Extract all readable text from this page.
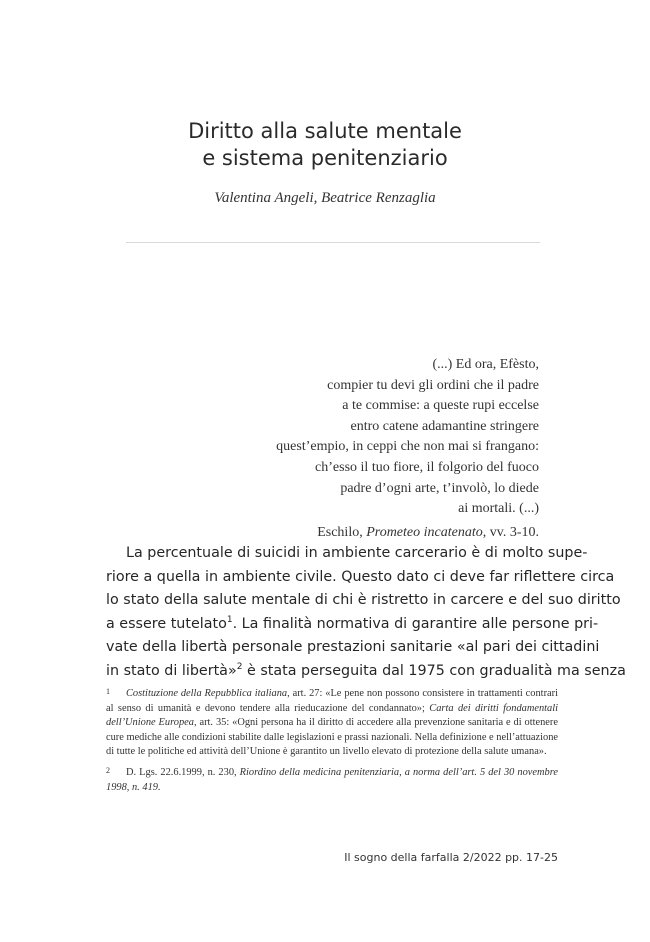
Diritto alla salute mentale
e sistema penitenziario
Valentina Angeli, Beatrice Renzaglia
(...) Ed ora, Efèsto,
compier tu devi gli ordini che il padre
a te commise: a queste rupi eccelse
entro catene adamantine stringere
quest’empio, in ceppi che non mai si frangano:
ch’esso il tuo fiore, il folgorio del fuoco
padre d’ogni arte, t’involò, lo diede
ai mortali. (...)
Eschilo, Prometeo incatenato, vv. 3-10.
La percentuale di suicidi in ambiente carcerario è di molto supe-
riore a quella in ambiente civile. Questo dato ci deve far riflettere circa
lo stato della salute mentale di chi è ristretto in carcere e del suo diritto
a essere tutelato$^1$. La finalità normativa di garantire alle persone pri-
vate della libertà personale prestazioni sanitarie «al pari dei cittadini
in stato di libertà»$^2$ è stata perseguita dal 1975 con gradualità ma senza
1 Costituzione della Repubblica italiana, art. 27: «Le pene non possono consistere in trattamenti contrari al senso di umanità e devono tendere alla rieducazione del condannato»; Carta dei diritti fondamentali dell’Unione Europea, art. 35: «Ogni persona ha il diritto di accedere alla prevenzione sanitaria e di ottenere cure mediche alle condizioni stabilite dalle legislazioni e prassi nazionali. Nella definizione e nell’attuazione di tutte le politiche ed attività dell’Unione è garantito un livello elevato di protezione della salute umana».
2 D. Lgs. 22.6.1999, n. 230, Riordino della medicina penitenziaria, a norma dell’art. 5 del 30 novembre 1998, n. 419.
Il sogno della farfalla 2/2022 pp. 17-25
